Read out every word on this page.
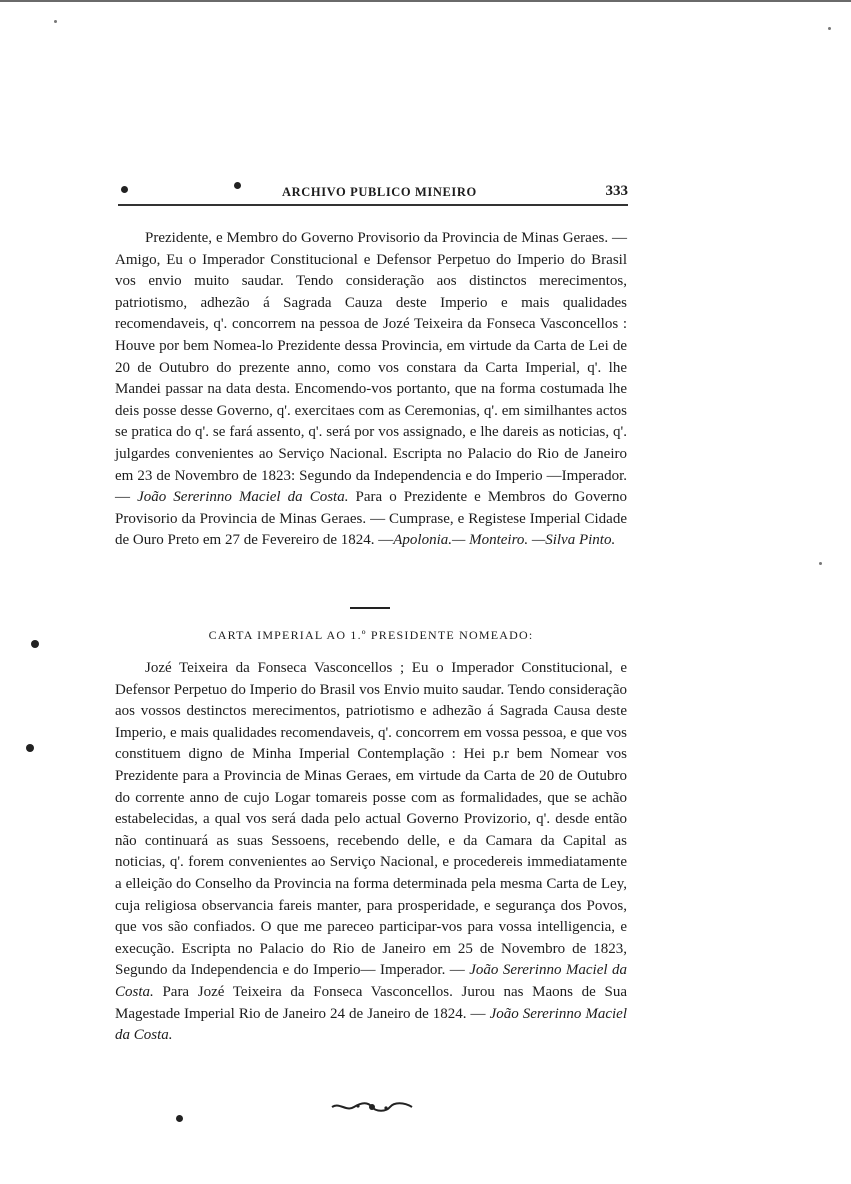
ARCHIVO PUBLICO MINEIRO	333

Prezidente, e Membro do Governo Provisorio da Provincia de Minas Geraes. — Amigo, Eu o Imperador Constitucional e Defensor Perpetuo do Imperio do Brasil vos envio muito saudar. Tendo consideração aos distinctos merecimentos, patriotismo, adhezão á Sagrada Cauza deste Imperio e mais qualidades recomendaveis, q'. concorrem na pessoa de Jozé Teixeira da Fonseca Vasconcellos : Houve por bem Nomea-lo Prezidente dessa Provincia, em virtude da Carta de Lei de 20 de Outubro do prezente anno, como vos constara da Carta Imperial, q'. lhe Mandei passar na data desta. Encomendo-vos portanto, que na forma costumada lhe deis posse desse Governo, q'. exercitaes com as Ceremonias, q'. em similhantes actos se pratica do q'. se fará assento, q'. será por vos assignado, e lhe dareis as noticias, q'. julgardes convenientes ao Serviço Nacional. Escripta no Palacio do Rio de Janeiro em 23 de Novembro de 1823: Segundo da Independencia e do Imperio —Imperador. — João Sererinno Maciel da Costa. Para o Prezidente e Membros do Governo Provisorio da Provincia de Minas Geraes. — Cumprase, e Registese Imperial Cidade de Ouro Preto em 27 de Fevereiro de 1824. —Apolonia.— Monteiro. —Silva Pinto.

CARTA IMPERIAL AO 1.º PRESIDENTE NOMEADO:

Jozé Teixeira da Fonseca Vasconcellos ; Eu o Imperador Constitucional, e Defensor Perpetuo do Imperio do Brasil vos Envio muito saudar. Tendo consideração aos vossos destinctos merecimentos, patriotismo e adhezão á Sagrada Causa deste Imperio, e mais qualidades recomendaveis, q'. concorrem em vossa pessoa, e que vos constituem digno de Minha Imperial Contemplação : Hei p.r bem Nomear vos Prezidente para a Provincia de Minas Geraes, em virtude da Carta de 20 de Outubro do corrente anno de cujo Logar tomareis posse com as formalidades, que se achão estabelecidas, a qual vos será dada pelo actual Governo Provizorio, q'. desde então não continuará as suas Sessoens, recebendo delle, e da Camara da Capital as noticias, q'. forem convenientes ao Serviço Nacional, e procedereis immediatamente a elleição do Conselho da Provincia na forma determinada pela mesma Carta de Ley, cuja religiosa observancia fareis manter, para prosperidade, e segurança dos Povos, que vos são confiados. O que me pareceo participar-vos para vossa intelligencia, e execução. Escripta no Palacio do Rio de Janeiro em 25 de Novembro de 1823, Segundo da Independencia e do Imperio— Imperador. — João Sererinno Maciel da Costa. Para Jozé Teixeira da Fonseca Vasconcellos. Jurou nas Maons de Sua Magestade Imperial Rio de Janeiro 24 de Janeiro de 1824. — João Sererinno Maciel da Costa.
